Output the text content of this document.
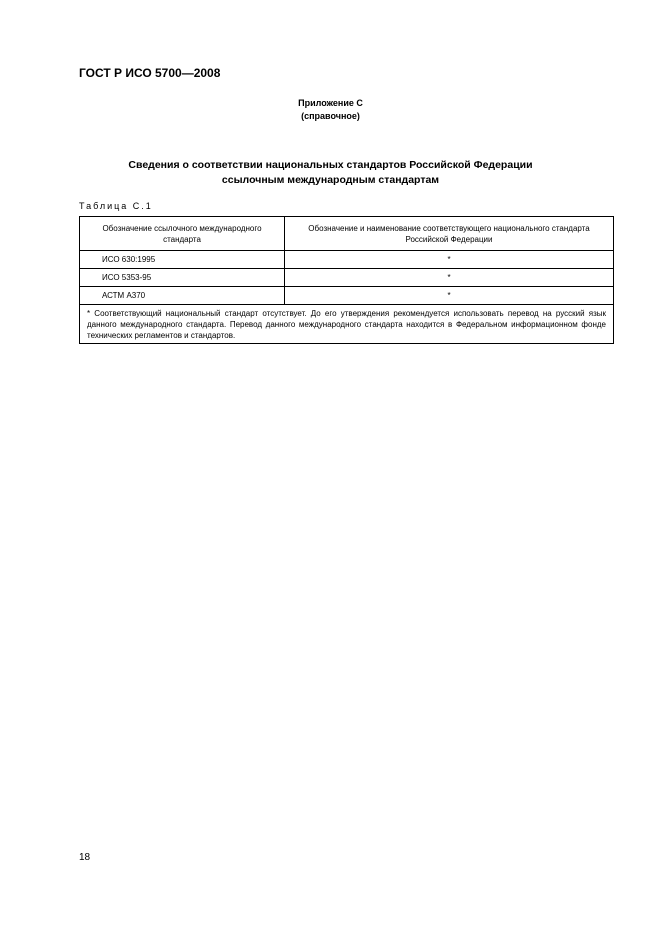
ГОСТ Р ИСО 5700—2008
Приложение С
(справочное)
Сведения о соответствии национальных стандартов Российской Федерации
ссылочным международным стандартам
Таблица С.1
Обозначение ссылочного международного стандарта	Обозначение и наименование соответствующего национального стандарта Российской Федерации
ИСО 630:1995	*
ИСО 5353-95	*
АСТМ А370	*
* Соответствующий национальный стандарт отсутствует. До его утверждения рекомендуется использовать перевод на русский язык данного международного стандарта. Перевод данного международного стандарта находится в Федеральном информационном фонде технических регламентов и стандартов.	
18
